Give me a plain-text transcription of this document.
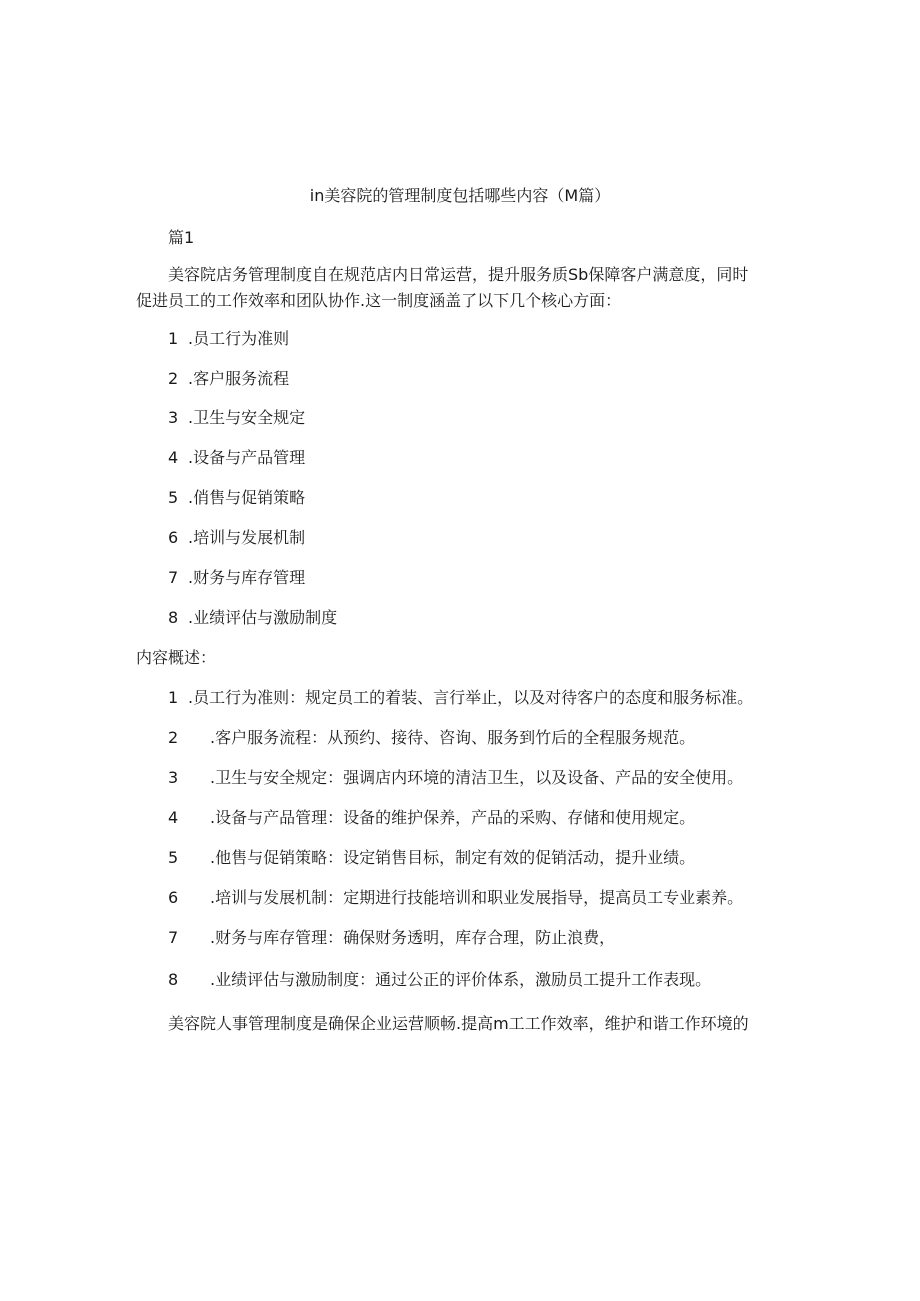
in美容院的管理制度包括哪些内容（M篇）
篇1
美容院店务管理制度自在规范店内日常运营，提升服务质Sb保障客户满意度，同时
促进员工的工作效率和团队协作.这一制度涵盖了以下几个核心方面：
1 .员工行为准则
2 .客户服务流程
3 .卫生与安全规定
4 .设备与产品管理
5 .俏售与促销策略
6 .培训与发展机制
7 .财务与库存管理
8 .业绩评估与激励制度
内容概述：
1 .员工行为准则：规定员工的着装、言行举止，以及对待客户的态度和服务标准。
2 .客户服务流程：从预约、接待、咨询、服务到竹后的全程服务规范。
3 .卫生与安全规定：强调店内环境的清洁卫生，以及设备、产品的安全使用。
4 .设备与产品管理：设备的维护保养，产品的采购、存储和使用规定。
5 .他售与促销策略：设定销售目标，制定有效的促销活动，提升业绩。
6 .培训与发展机制：定期进行技能培训和职业发展指导，提高员工专业素养。
7 .财务与库存管理：确保财务透明，库存合理，防止浪费，
8 .业绩评估与激励制度：通过公正的评价体系，激励员工提升工作表现。
美容院人事管理制度是确保企业运营顺畅.提高m工工作效率，维护和谐工作环境的
